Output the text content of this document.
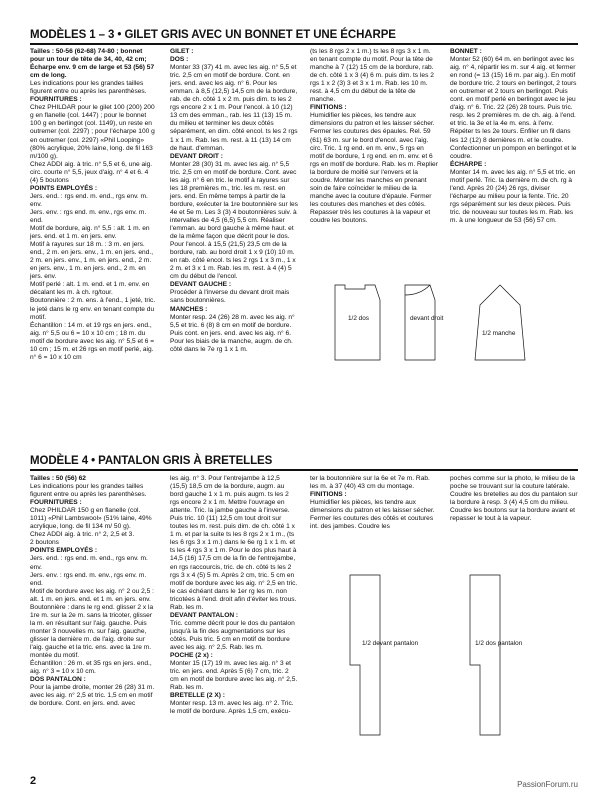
MODÈLES 1 – 3 • GILET GRIS AVEC UN BONNET ET UNE ÉCHARPE

Tailles : 50-56 (62-68) 74-80 ; bonnet pour un tour de tête de 34, 40, 42 cm; Écharpe env. 9 cm de large et 53 (56) 57 cm de long.

Les indications pour les grandes tailles figurent entre ou après les parenthèses.

FOURNITURES :

Chez PHILDAR pour le gilet 100 (200) 200 g en flanelle (col. 1447) ; pour le bonnet 100 g en berlingot (col. 1149), un reste en outremer (col. 2297) ; pour l'écharpe 100 g en outremer (col. 2297) «Phil Looping» (80% acrylique, 20% laine, long. de fil 163 m/100 g).

Chez ADDI aig. à tric. n° 5,5 et 6, une aig. circ. courte n° 5,5, jeux d'aig. n° 4 et 6. 4 (4) 5 boutons

POINTS EMPLOYÉS :

Jers. end. : rgs end. m. end., rgs env. m. env.

Jers. env. : rgs end. m. env., rgs env. m. end.

Motif de bordure, aig. n° 5,5 : alt. 1 m. en jers. end. et 1 m. en jers. env.

Motif à rayures sur 18 m. : 3 m. en jers. end., 2 m. en jers. env., 1 m. en jers. end., 2 m. en jers. env., 1 m. en jers. end., 2 m. en jers. env., 1 m. en jers. end., 2 m. en jers. env.

Motif perlé : alt. 1 m. end. et 1 m. env. en décalant les m. à ch. rg/tour.

Boutonnière : 2 m. ens. à l'end., 1 jeté, tric. le jeté dans le rg env. en tenant compte du motif.

Échantillon : 14 m. et 19 rgs en jers. end., aig. n° 5,5 ou 6 = 10 x 10 cm ; 18 m. du motif de bordure avec les aig. n° 5,5 et 6 = 10 cm ; 15 m. et 26 rgs en motif perlé, aig. n° 6 = 10 x 10 cm

GILET :

DOS :

Monter 33 (37) 41 m. avec les aig. n° 5,5 et tric. 2,5 cm en motif de bordure. Cont. en jers. end. avec les aig. n° 6. Pour les emman. à 8,5 (12,5) 14,5 cm de la bordure, rab. de ch. côté 1 x 2 m. puis dim. ts les 2 rgs encore 2 x 1 m. Pour l'encol. à 10 (12) 13 cm des emman., rab. les 11 (13) 15 m. du milieu et terminer les deux côtés séparément, en dim. côté encol. ts les 2 rgs 1 x 1 m. Rab. les m. rest. à 11 (13) 14 cm de haut. d'emman.

DEVANT DROIT :

Monter 28 (30) 31 m. avec les aig. n° 5,5 tric. 2,5 cm en motif de bordure. Cont. avec les aig. n° 6 en tric. le motif à rayures sur les 18 premières m., tric. les m. rest. en jers. end. En même temps à partir de la bordure, exécuter la 1re boutonnière sur les 4e et 5e m. Les 3 (3) 4 boutonnières suiv. à intervalles de 4,5 (6,5) 5,5 cm. Réaliser l'emman. au bord gauche à même haut. et de la même façon que décrit pour le dos. Pour l'encol. à 15,5 (21,5) 23,5 cm de la bordure, rab. au bord droit 1 x 9 (10) 10 m. en rab. côté encol. ts les 2 rgs 1 x 3 m., 1 x 2 m. et 3 x 1 m. Rab. les m. rest. à 4 (4) 5 cm du début de l'encol.

DEVANT GAUCHE :

Procéder à l'inverse du devant droit mais sans boutonnières.

MANCHES :

Monter resp. 24 (26) 28 m. avec les aig. n° 5,5 et tric. 6 (8) 8 cm en motif de bordure. Puis cont. en jers. end. avec les aig. n° 6. Pour les biais de la manche, augm. de ch. côté dans le 7e rg 1 x 1 m.

(ts les 8 rgs 2 x 1 m.) ts les 8 rgs 3 x 1 m. en tenant compte du motif. Pour la tête de manche à 7 (12) 15 cm de la bordure, rab. de ch. côté 1 x 3 (4) 6 m. puis dim. ts les 2 rgs 1 x 2 (3) 3 et 3 x 1 m. Rab. les 10 m. rest. à 4,5 cm du début de la tête de manche.

FINITIONS :

Humidifier les pièces, les tendre aux dimensions du patron et les laisser sécher. Fermer les coutures des épaules. Rel. 59 (61) 63 m. sur le bord d'encol. avec l'aig. circ. Tric. 1 rg end. en m. env., 5 rgs en motif de bordure, 1 rg end. en m. env. et 6 rgs en motif de bordure. Rab. les m. Replier la bordure de moitié sur l'envers et la coudre. Monter les manches en prenant soin de faire coïncider le milieu de la manche avec la couture d'épaule. Fermer les coutures des manches et des côtés. Repasser très les coutures à la vapeur et coudre les boutons.

BONNET :

Monter 52 (60) 64 m. en berlingot avec les aig. n° 4, répartir les m. sur 4 aig. et fermer en rond (= 13 (15) 16 m. par aig.). En motif de bordure tric. 2 tours en berlingot, 2 tours en outremer et 2 tours en berlingot. Puis cont. en motif perlé en berlingot avec le jeu d'aig. n° 6. Tric. 22 (26) 28 tours. Puis tric. resp. les 2 premières m. de ch. aig. à l'end. et tric. la 3e et la 4e m. ens. à l'env. Répéter ts les 2e tours. Enfiler un fil dans les 12 (12) 8 dernières m. et le coudre. Confectionner un pompon en berlingot et le coudre.

ÉCHARPE :

Monter 14 m. avec les aig. n° 5,5 et tric. en motif perlé. Tric. la dernière m. de ch. rg à l'end. Après 20 (24) 26 rgs, diviser l'écharpe au milieu pour la fente. Tric. 20 rgs séparément sur les deux pièces. Puis tric. de nouveau sur toutes les m. Rab. les m. à une longueur de 53 (56) 57 cm.

1/2 dos	devant droit
1/2 manche
MODÈLE 4 • PANTALON GRIS À BRETELLES

Tailles : 50 (56) 62

Les indications pour les grandes tailles figurent entre ou après les parenthèses.

FOURNITURES :

Chez PHILDAR 150 g en flanelle (col. 1011) «Phil Lambswool» (51% laine, 49% acrylique, long. de fil 134 m/ 50 g).

Chez ADDI aig. à tric. n° 2, 2,5 et 3.

2 boutons

POINTS EMPLOYÉS :

Jers. end. : rgs end. m. end., rgs env. m. env.

Jers. env. : rgs end. m. env., rgs env. m. end.

Motif de bordure avec les aig. n° 2 ou 2,5 : alt. 1 m. en jers. end. et 1 m. en jers. env.

Boutonnière : dans le rg end. glisser 2 x la 1re m. sur la 2e m. sans la tricoter, glisser la m. en résultant sur l'aig. gauche. Puis monter 3 nouvelles m. sur l'aig. gauche, glisser la dernière m. de l'aig. droite sur l'aig. gauche et la tric. ens. avec la 1re m. montée du motif.

Échantillon : 26 m. et 35 rgs en jers. end., aig. n° 3 = 10 x 10 cm.

DOS PANTALON :

Pour la jambe droite, monter 26 (28) 31 m. avec les aig. n° 2,5 et tric. 1,5 cm en motif de bordure. Cont. en jers. end. avec

les aig. n° 3. Pour l'entrejambe à 12,5 (15,5) 18,5 cm de la bordure, augm. au bord gauche 1 x 1 m. puis augm. ts les 2 rgs encore 2 x 1 m. Mettre l'ouvrage en attente. Tric. la jambe gauche à l'inverse. Puis tric. 10 (11) 12,5 cm tout droit sur toutes les m. rest. puis dim. de ch. côté 1 x 1 m. et par la suite ts les 8 rgs 2 x 1 m., (ts les 6 rgs 3 x 1 m.) dans le 6e rg 1 x 1 m. et ts les 4 rgs 3 x 1 m. Pour le dos plus haut à 14,5 (16) 17,5 cm de la fin de l'entrejambe, en rgs raccourcis, tric. de ch. côté ts les 2 rgs 3 x 4 (5) 5 m. Après 2 cm, tric. 5 cm en motif de bordure avec les aig. n° 2,5 en tric. le cas échéant dans le 1er rg les m. non tricotées à l'end. droit afin d'éviter les trous. Rab. les m.

DEVANT PANTALON :

Tric. comme décrit pour le dos du pantalon jusqu'à la fin des augmentations sur les côtés. Puis tric. 5 cm en motif de bordure avec les aig. n° 2,5. Rab. les m.

POCHE (2 x) :

Monter 15 (17) 19 m. avec les aig. n° 3 et tric. en jers. end. Après 5 (6) 7 cm, tric. 2 cm en motif de bordure avec les aig. n° 2,5. Rab. les m.

BRETELLE (2 X) :

Monter resp. 13 m. avec les aig. n° 2. Tric. le motif de bordure. Après 1,5 cm, exécu-

ter la boutonnière sur la 6e et 7e m. Rab. les m. à 37 (40) 43 cm du montage.

FINITIONS :

Humidifier les pièces, les tendre aux dimensions du patron et les laisser sécher. Fermer les coutures des côtés et coutures int. des jambes. Coudre les

poches comme sur la photo, le milieu de la poche se trouvant sur la couture latérale. Coudre les bretelles au dos du pantalon sur la bordure à resp. 3 (4) 4,5 cm du milieu. Coudre les boutons sur la bordure avant et repasser le tout à la vapeur.

1/2 devant pantalon	1/2 dos pantalon
2	PassionForum.ru
